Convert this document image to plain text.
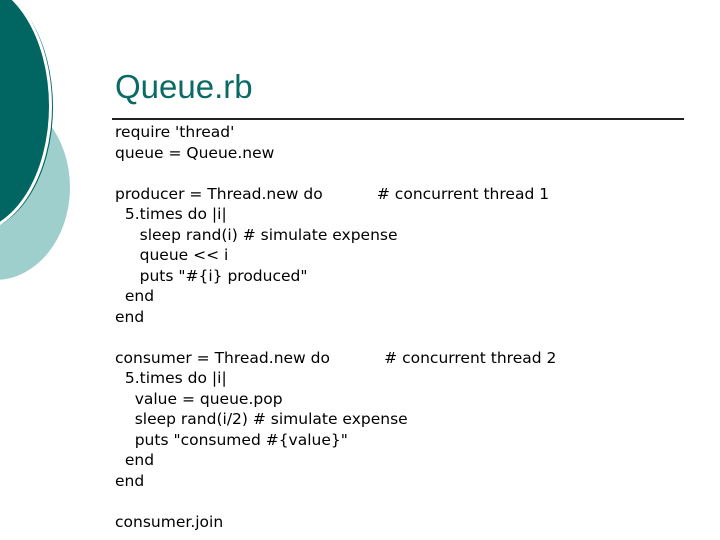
Queue.rb
require 'thread'
queue = Queue.new
producer = Thread.new do           # concurrent thread 1
5.times do |i|
sleep rand(i) # simulate expense
queue << i
puts "#{i} produced"
end
end
consumer = Thread.new do           # concurrent thread 2
5.times do |i|
value = queue.pop
sleep rand(i/2) # simulate expense
puts "consumed #{value}"
end
end
consumer.join
